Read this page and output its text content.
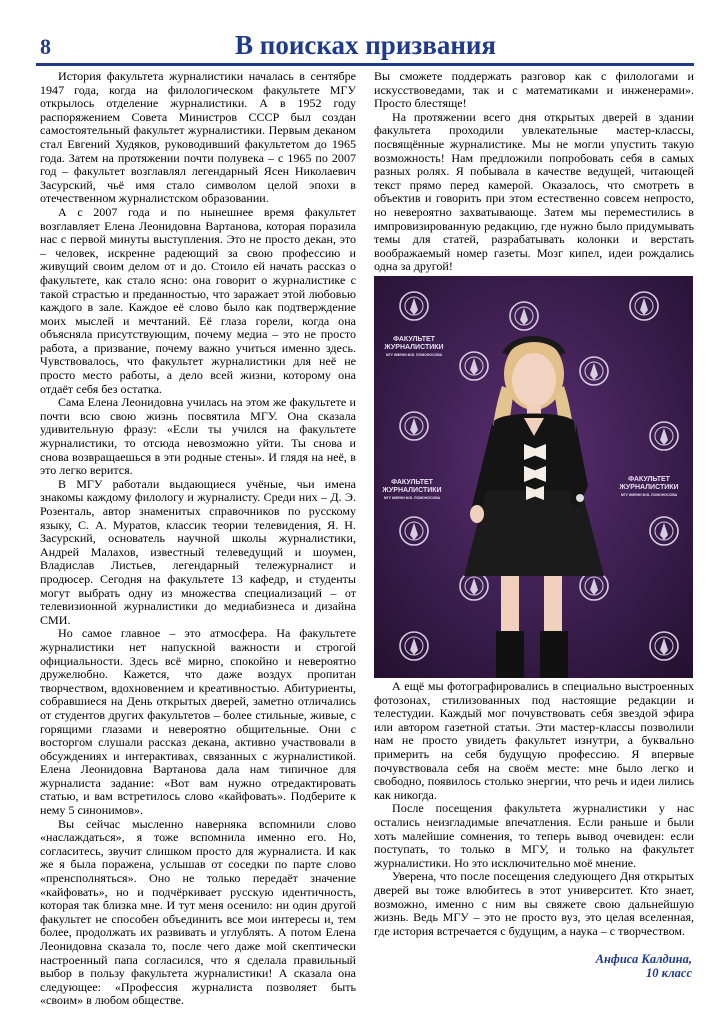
8	В поисках призвания

История факультета журналистики началась в сентябре 1947 года, когда на филологическом факультете МГУ открылось отделение журналистики. А в 1952 году распоряжением Совета Министров СССР был создан самостоятельный факультет журналистики. Первым деканом стал Евгений Худяков, руководивший факультетом до 1965 года. Затем на протяжении почти полувека – с 1965 по 2007 год – факультет возглавлял легендарный Ясен Николаевич Засурский, чьё имя стало символом целой эпохи в отечественном журналистском образовании.

А с 2007 года и по нынешнее время факультет возглавляет Елена Леонидовна Вартанова, которая поразила нас с первой минуты выступления. Это не просто декан, это – человек, искренне радеющий за свою профессию и живущий своим делом от и до. Стоило ей начать рассказ о факультете, как стало ясно: она говорит о журналистике с такой страстью и преданностью, что заражает этой любовью каждого в зале. Каждое её слово было как подтверждение моих мыслей и мечтаний. Её глаза горели, когда она объясняла присутствующим, почему медиа – это не просто работа, а призвание, почему важно учиться именно здесь. Чувствовалось, что факультет журналистики для неё не просто место работы, а дело всей жизни, которому она отдаёт себя без остатка.

Сама Елена Леонидовна училась на этом же факультете и почти всю свою жизнь посвятила МГУ. Она сказала удивительную фразу: «Если ты учился на факультете журналистики, то отсюда невозможно уйти. Ты снова и снова возвращаешься в эти родные стены». И глядя на неё, в это легко верится.

В МГУ работали выдающиеся учёные, чьи имена знакомы каждому филологу и журналисту. Среди них – Д. Э. Розенталь, автор знаменитых справочников по русскому языку, С. А. Муратов, классик теории телевидения, Я. Н. Засурский, основатель научной школы журналистики, Андрей Малахов, известный телеведущий и шоумен, Владислав Листьев, легендарный тележурналист и продюсер. Сегодня на факультете 13 кафедр, и студенты могут выбрать одну из множества специализаций – от телевизионной журналистики до медиабизнеса и дизайна СМИ.

Но самое главное – это атмосфера. На факультете журналистики нет напускной важности и строгой официальности. Здесь всё мирно, спокойно и невероятно дружелюбно. Кажется, что даже воздух пропитан творчеством, вдохновением и креативностью. Абитуриенты, собравшиеся на День открытых дверей, заметно отличались от студентов других факультетов – более стильные, живые, с горящими глазами и невероятно общительные. Они с восторгом слушали рассказ декана, активно участвовали в обсуждениях и интерактивах, связанных с журналистикой. Елена Леонидовна Вартанова дала нам типичное для журналиста задание: «Вот вам нужно отредактировать статью, и вам встретилось слово «кайфовать». Подберите к нему 5 синонимов».

Вы сейчас мысленно наверняка вспомнили слово «наслаждаться», я тоже вспомнила именно его. Но, согласитесь, звучит слишком просто для журналиста. И как же я была поражена, услышав от соседки по парте слово «пренсполняться». Оно не только передаёт значение «кайфовать», но и подчёркивает русскую идентичность, которая так близка мне. И тут меня осенило: ни один другой факультет не способен объединить все мои интересы и, тем более, продолжать их развивать и углублять. А потом Елена Леонидовна сказала то, после чего даже мой скептически настроенный папа согласился, что я сделала правильный выбор в пользу факультета журналистики! А сказала она следующее: «Профессия журналиста позволяет быть «своим» в любом обществе.

Вы сможете поддержать разговор как с филологами и искусствоведами, так и с математиками и инженерами». Просто блестяще!

На протяжении всего дня открытых дверей в здании факультета проходили увлекательные мастер-классы, посвящённые журналистике. Мы не могли упустить такую возможность! Нам предложили попробовать себя в самых разных ролях. Я побывала в качестве ведущей, читающей текст прямо перед камерой. Оказалось, что смотреть в объектив и говорить при этом естественно совсем непросто, но невероятно захватывающе. Затем мы переместились в импровизированную редакцию, где нужно было придумывать темы для статей, разрабатывать колонки и верстать воображаемый номер газеты. Мозг кипел, идеи рождались одна за другой!

ФАКУЛЬТЕТ
ЖУРНАЛИСТИКИ
МГУ ИМЕНИ М.В. ЛОМОНОСОВА
ФАКУЛЬТЕТ
ЖУРНАЛИСТИКИ
МГУ ИМЕНИ М.В. ЛОМОНОСОВА
ФАКУЛЬТЕТ
ЖУРНАЛИСТИКИ
МГУ ИМЕНИ М.В. ЛОМОНОСОВА

А ещё мы фотографировались в специально выстроенных фотозонах, стилизованных под настоящие редакции и телестудии. Каждый мог почувствовать себя звездой эфира или автором газетной статьи. Эти мастер-классы позволили нам не просто увидеть факультет изнутри, а буквально примерить на себя будущую профессию. Я впервые почувствовала себя на своём месте: мне было легко и свободно, появилось столько энергии, что речь и идеи лились как никогда.

После посещения факультета журналистики у нас остались неизгладимые впечатления. Если раньше и были хоть малейшие сомнения, то теперь вывод очевиден: если поступать, то только в МГУ, и только на факультет журналистики. Но это исключительно моё мнение.

Уверена, что после посещения следующего Дня открытых дверей вы тоже влюбитесь в этот университет. Кто знает, возможно, именно с ним вы свяжете свою дальнейшую жизнь. Ведь МГУ – это не просто вуз, это целая вселенная, где история встречается с будущим, а наука – с творчеством.

Анфиса Калдина,
10 класс
